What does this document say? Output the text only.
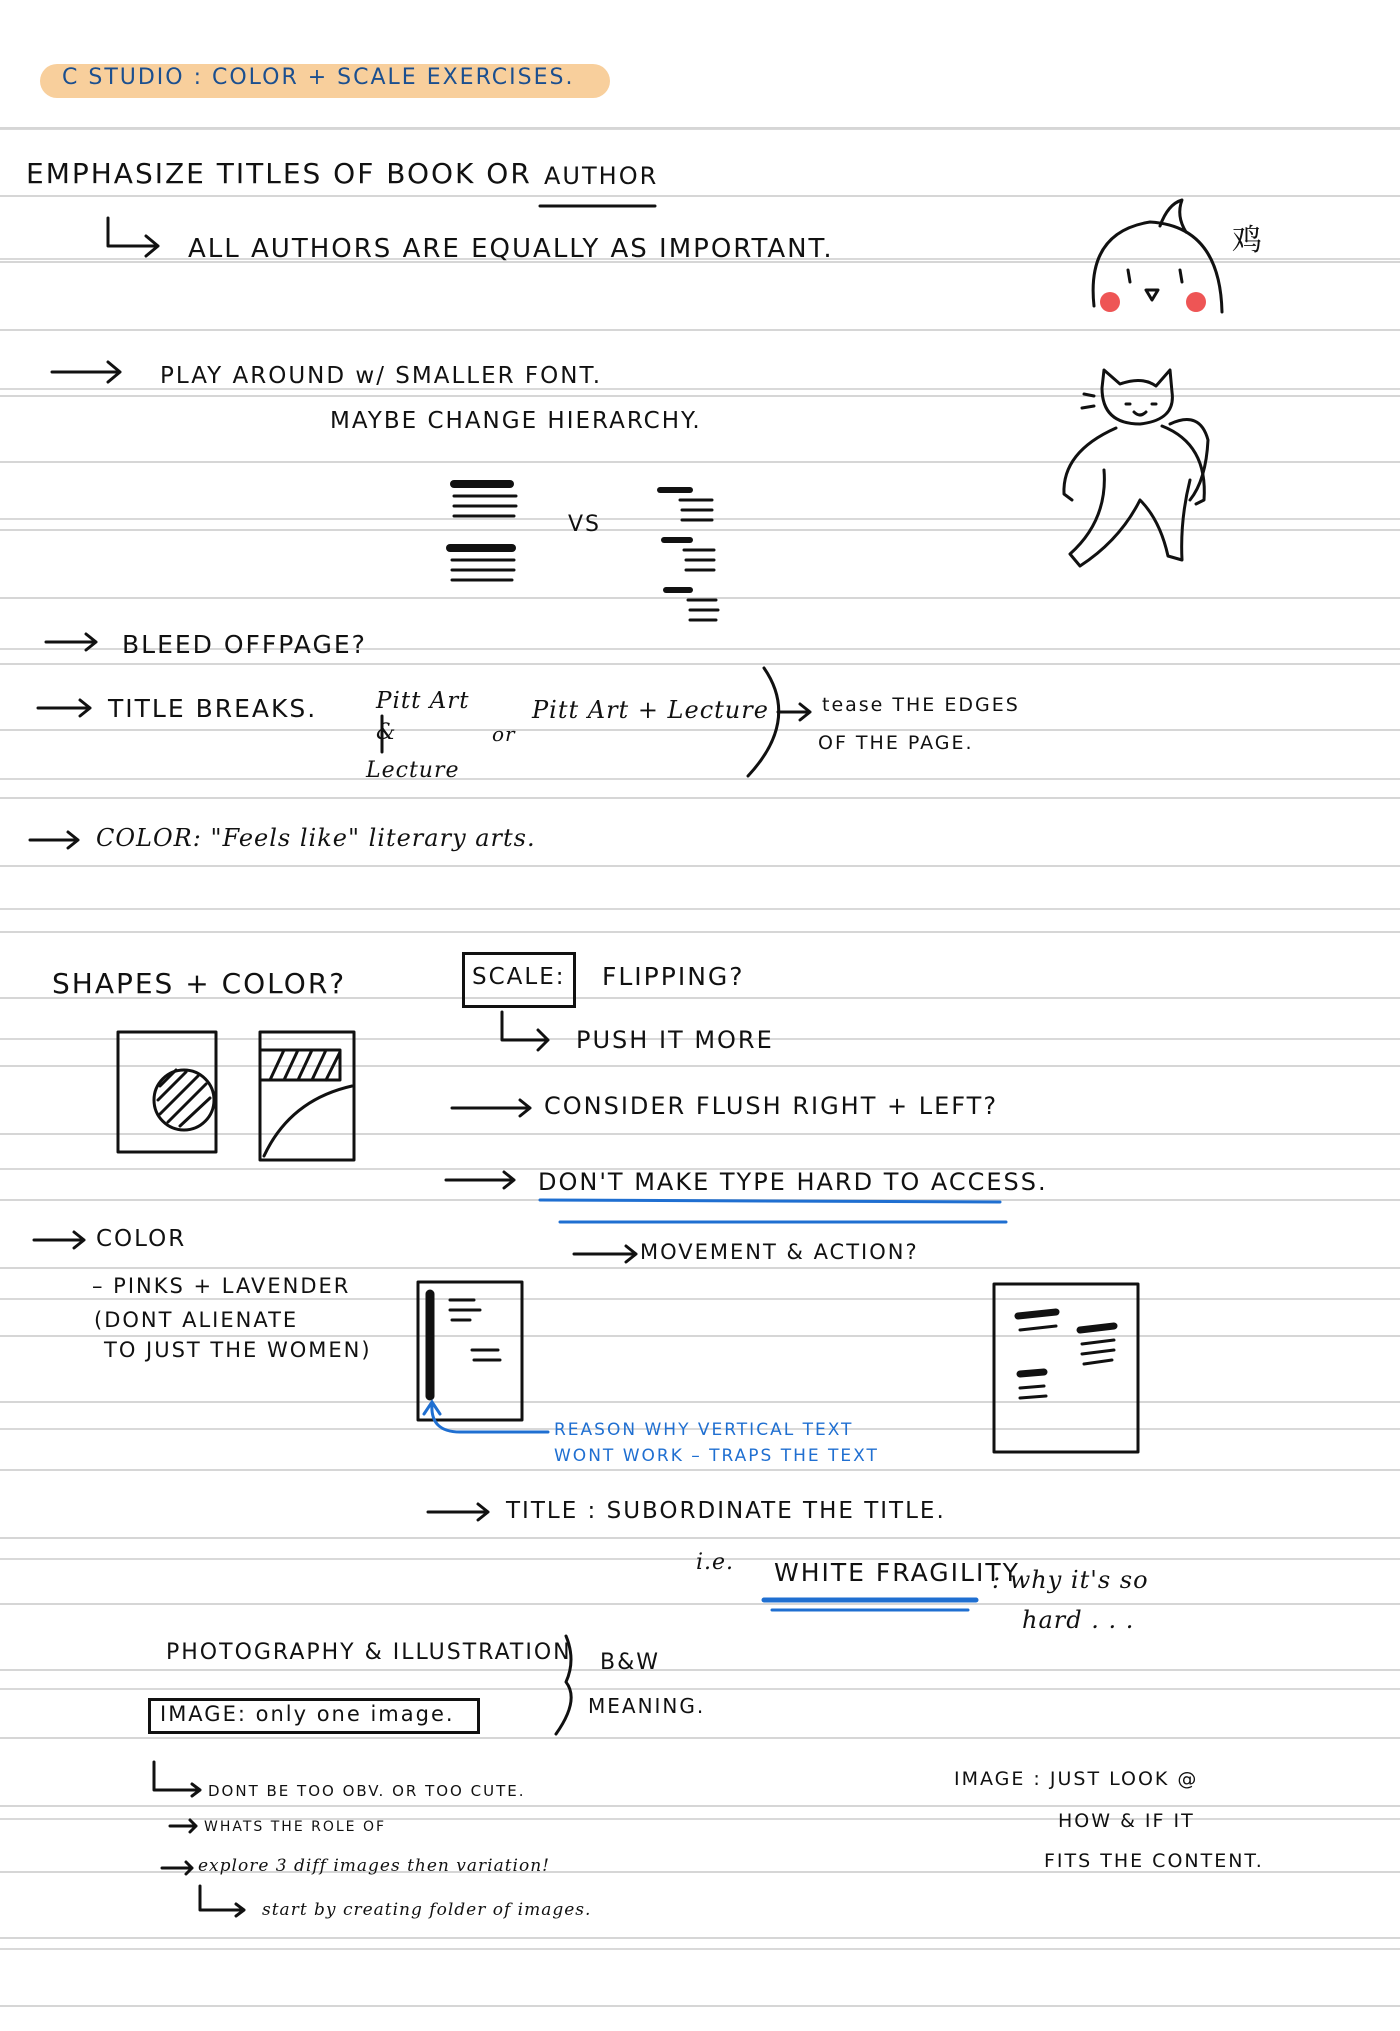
C STUDIO : COLOR + SCALE EXERCISES.
EMPHASIZE TITLES OF BOOK OR AUTHOR
ALL AUTHORS ARE EQUALLY AS IMPORTANT.
PLAY AROUND w/ SMALLER FONT.
MAYBE CHANGE HIERARCHY.
VS
BLEED OFFPAGE?
TITLE BREAKS.	Pitt Art
&
Lecture
or
Pitt Art + Lecture	tease THE EDGES
OF THE PAGE.
COLOR: "Feels like" literary arts.
鸡
SHAPES + COLOR?	SCALE: FLIPPING?
PUSH IT MORE
CONSIDER FLUSH RIGHT + LEFT?
DON'T MAKE TYPE HARD TO ACCESS.
MOVEMENT & ACTION?
COLOR
– PINKS + LAVENDER
(DONT ALIENATE
TO JUST THE WOMEN)
REASON WHY VERTICAL TEXT
WONT WORK – TRAPS THE TEXT
TITLE : SUBORDINATE THE TITLE.
i.e. WHITE FRAGILITY
: why it's so
hard . . .
PHOTOGRAPHY & ILLUSTRATION
IMAGE: only one image.
B&W
MEANING.
DONT BE TOO OBV. OR TOO CUTE.
WHATS THE ROLE OF
explore 3 diff images then variation!
start by creating folder of images.
IMAGE : JUST LOOK @
HOW & IF IT
FITS THE CONTENT.
